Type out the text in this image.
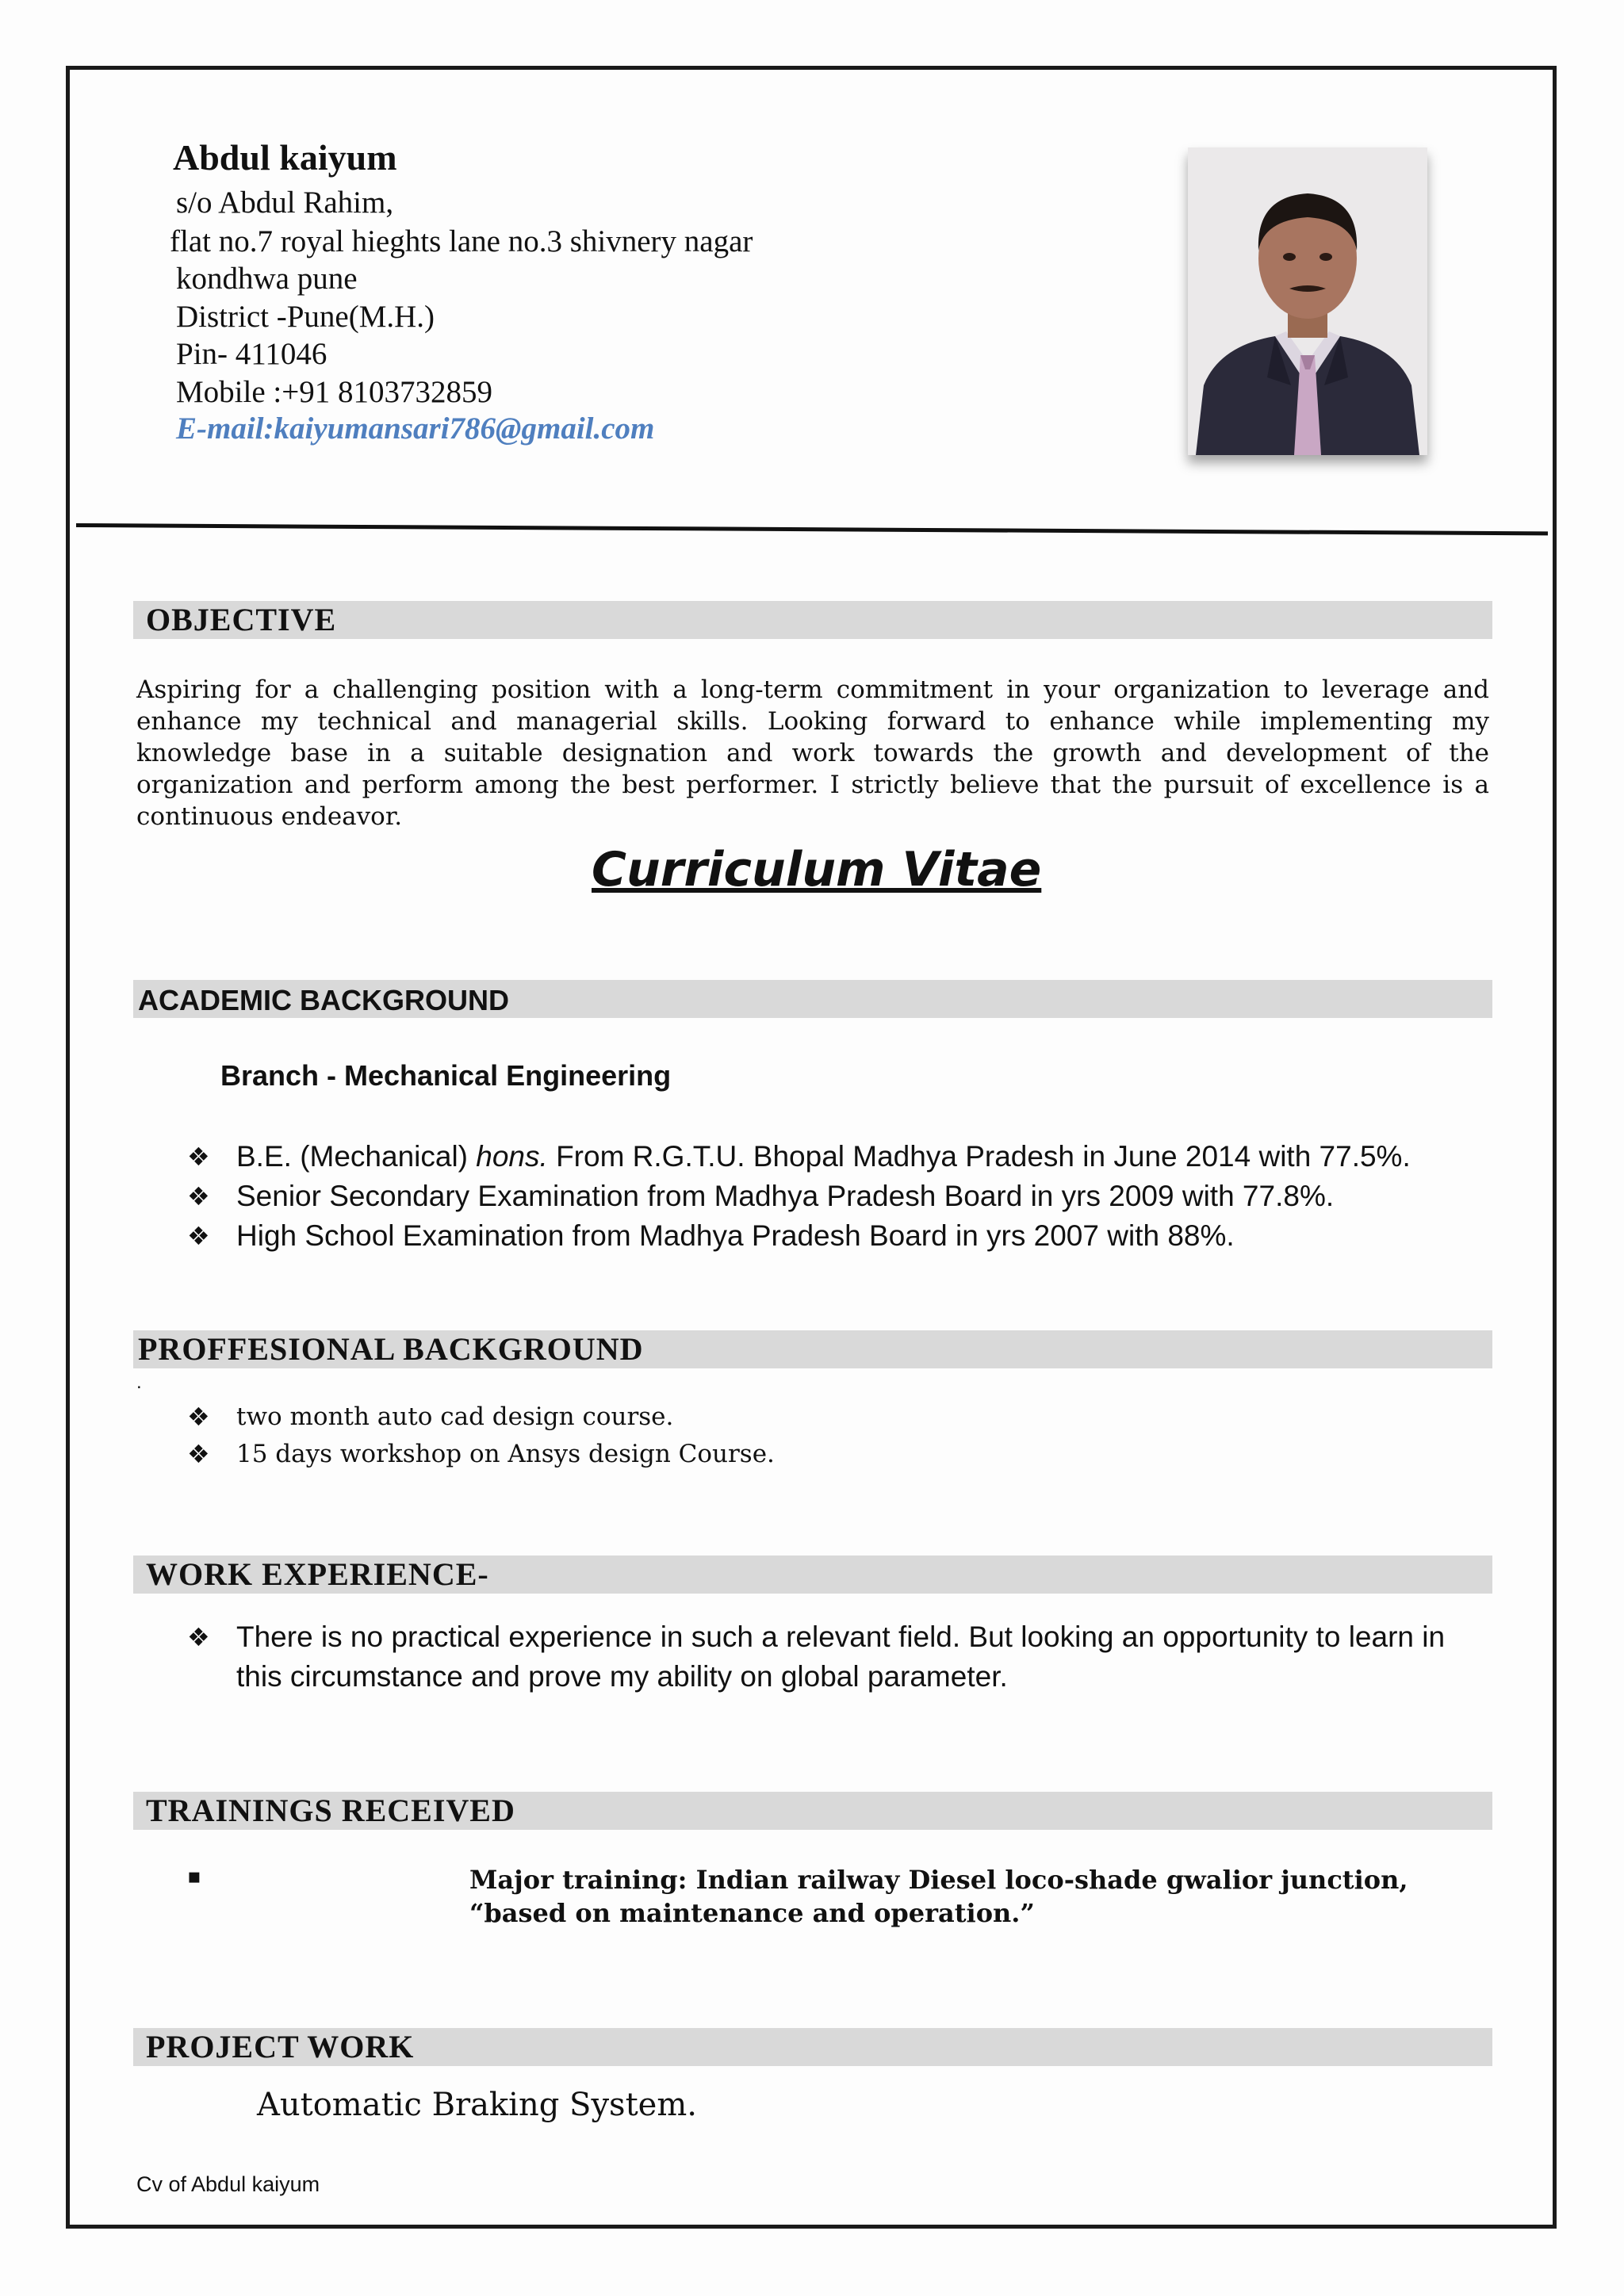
Abdul kaiyum
s/o Abdul Rahim,
flat no.7 royal hieghts lane no.3 shivnery nagar
kondhwa pune
District -Pune(M.H.)
Pin- 411046
Mobile :+91 8103732859
E-mail:kaiyumansari786@gmail.com
OBJECTIVE
Aspiring for a challenging position with a long-term commitment in your organization to leverage and enhance my technical and managerial skills. Looking forward to enhance while implementing my knowledge base in a suitable designation and work towards the growth and development of the organization and perform among the best performer. I strictly believe that the pursuit of excellence is a continuous endeavor.
Curriculum Vitae
ACADEMIC BACKGROUND
Branch - Mechanical Engineering
❖ B.E. (Mechanical) hons. From R.G.T.U. Bhopal Madhya Pradesh in June 2014 with 77.5%.
❖ Senior Secondary Examination from Madhya Pradesh Board in yrs 2009 with 77.8%.
❖ High School Examination from Madhya Pradesh Board in yrs 2007 with 88%.
PROFFESIONAL BACKGROUND
.
❖ two month auto cad design course.
❖ 15 days workshop on Ansys design Course.
WORK EXPERIENCE-
❖ There is no practical experience in such a relevant field. But looking an opportunity to learn in this circumstance and prove my ability on global parameter.
TRAININGS RECEIVED
▪	Major training: Indian railway Diesel loco-shade gwalior junction,
“based on maintenance and operation.”
PROJECT WORK
Automatic Braking System.
Cv of Abdul kaiyum
